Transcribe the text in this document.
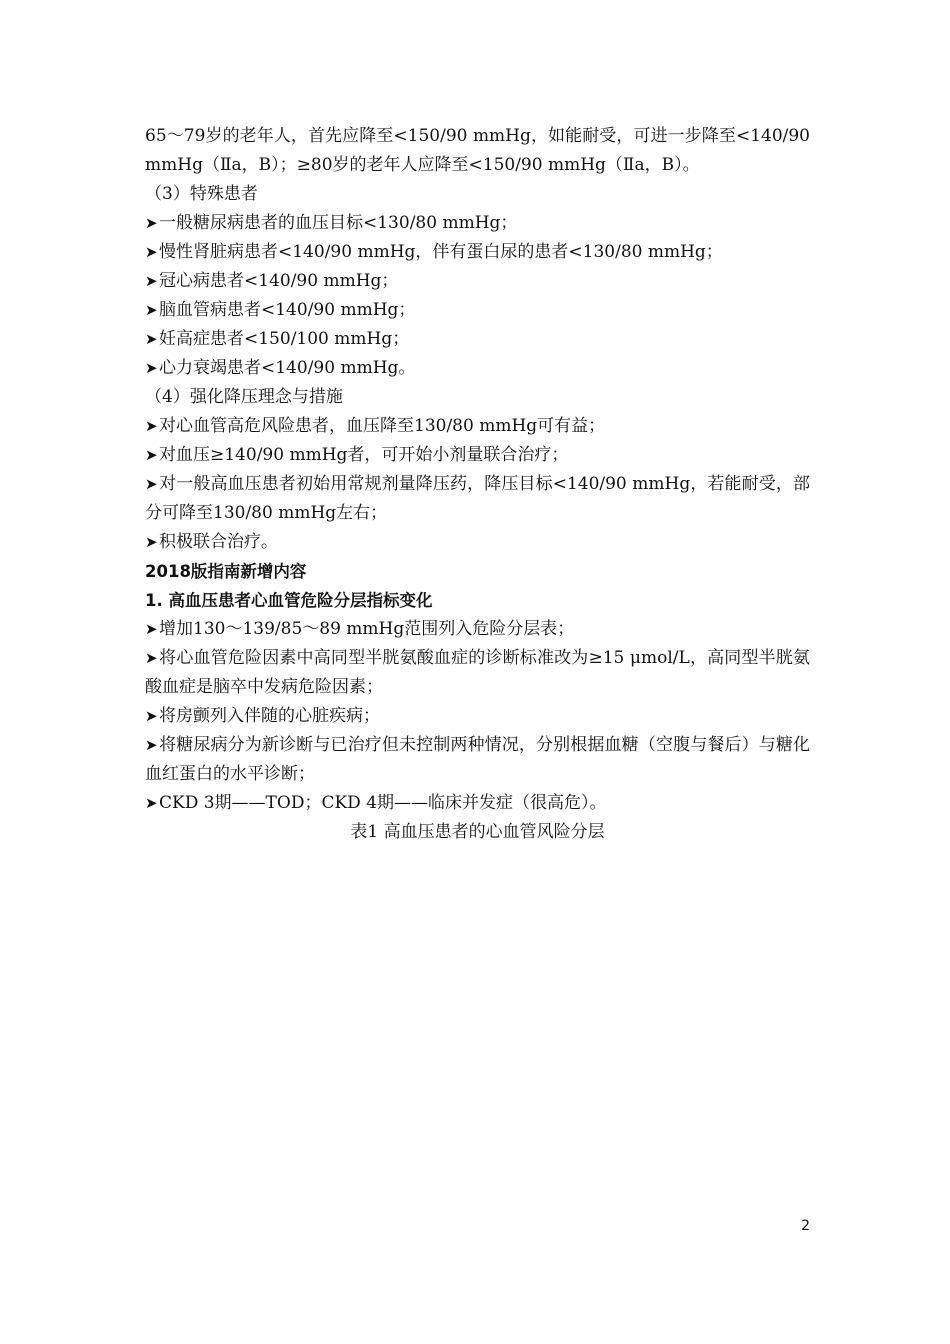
65～79岁的老年人，首先应降至<150/90 mmHg，如能耐受，可进一步降至<140/90 mmHg（Ⅱa，B）；≥80岁的老年人应降至<150/90 mmHg（Ⅱa，B）。
（3）特殊患者
➤ 一般糖尿病患者的血压目标<130/80 mmHg；
➤ 慢性肾脏病患者<140/90 mmHg，伴有蛋白尿的患者<130/80 mmHg；
➤ 冠心病患者<140/90 mmHg；
➤ 脑血管病患者<140/90 mmHg；
➤ 妊高症患者<150/100 mmHg；
➤ 心力衰竭患者<140/90 mmHg。
（4）强化降压理念与措施
➤ 对心血管高危风险患者，血压降至130/80 mmHg可有益；
➤ 对血压≥140/90 mmHg者，可开始小剂量联合治疗；
➤ 对一般高血压患者初始用常规剂量降压药，降压目标<140/90 mmHg，若能耐受，部分可降至130/80 mmHg左右；
➤ 积极联合治疗。
2018版指南新增内容
1. 高血压患者心血管危险分层指标变化
➤ 增加130～139/85～89 mmHg范围列入危险分层表；
➤ 将心血管危险因素中高同型半胱氨酸血症的诊断标准改为≥15 μmol/L，高同型半胱氨酸血症是脑卒中发病危险因素；
➤ 将房颤列入伴随的心脏疾病；
➤ 将糖尿病分为新诊断与已治疗但未控制两种情况，分别根据血糖（空腹与餐后）与糖化血红蛋白的水平诊断；
➤ CKD 3期——TOD；CKD 4期——临床并发症（很高危）。
表1 高血压患者的心血管风险分层
2
